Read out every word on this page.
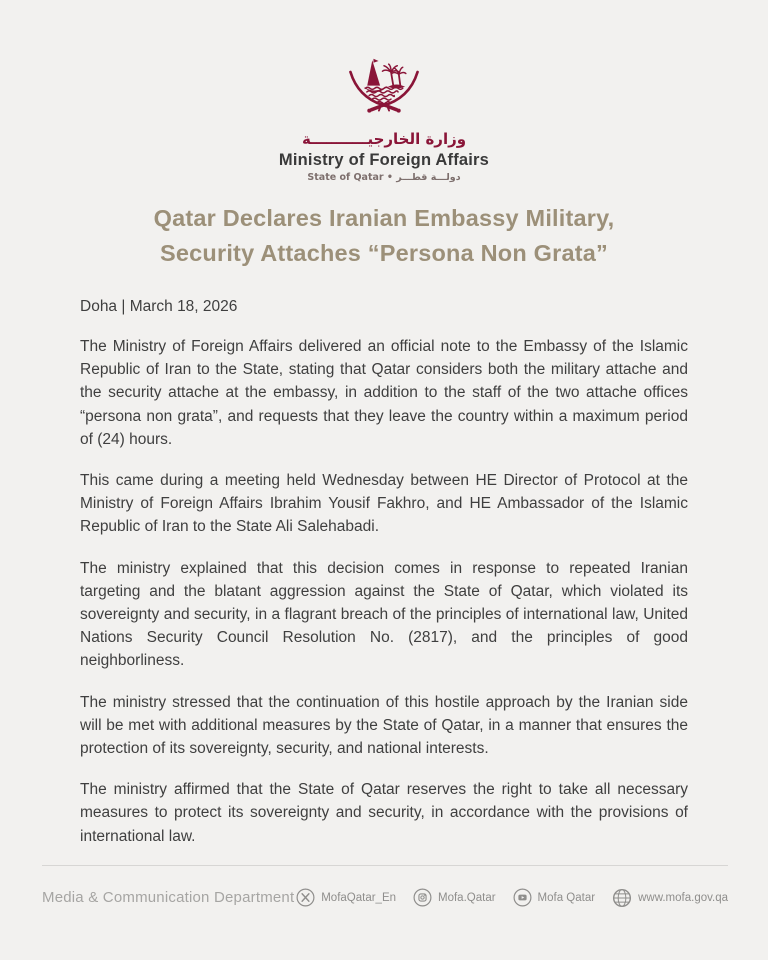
وزارة الخارجيـــــــــــة
Ministry of Foreign Affairs
State of Qatar • دولـــة قطـــر
Qatar Declares Iranian Embassy Military,
Security Attaches “Persona Non Grata”
Doha | March 18, 2026

The Ministry of Foreign Affairs delivered an official note to the Embassy of the Islamic Republic of Iran to the State, stating that Qatar considers both the military attache and the security attache at the embassy, in addition to the staff of the two attache offices “persona non grata”, and requests that they leave the country within a maximum period of (24) hours.

This came during a meeting held Wednesday between HE Director of Protocol at the Ministry of Foreign Affairs Ibrahim Yousif Fakhro, and HE Ambassador of the Islamic Republic of Iran to the State Ali Salehabadi.

The ministry explained that this decision comes in response to repeated Iranian targeting and the blatant aggression against the State of Qatar, which violated its sovereignty and security, in a flagrant breach of the principles of international law, United Nations Security Council Resolution No. (2817), and the principles of good neighborliness.

The ministry stressed that the continuation of this hostile approach by the Iranian side will be met with additional measures by the State of Qatar, in a manner that ensures the protection of its sovereignty, security, and national interests.

The ministry affirmed that the State of Qatar reserves the right to take all necessary measures to protect its sovereignty and security, in accordance with the provisions of international law.

Media & Communication Department MofaQatar_En	Mofa.Qatar	Mofa Qatar	www.mofa.gov.qa
